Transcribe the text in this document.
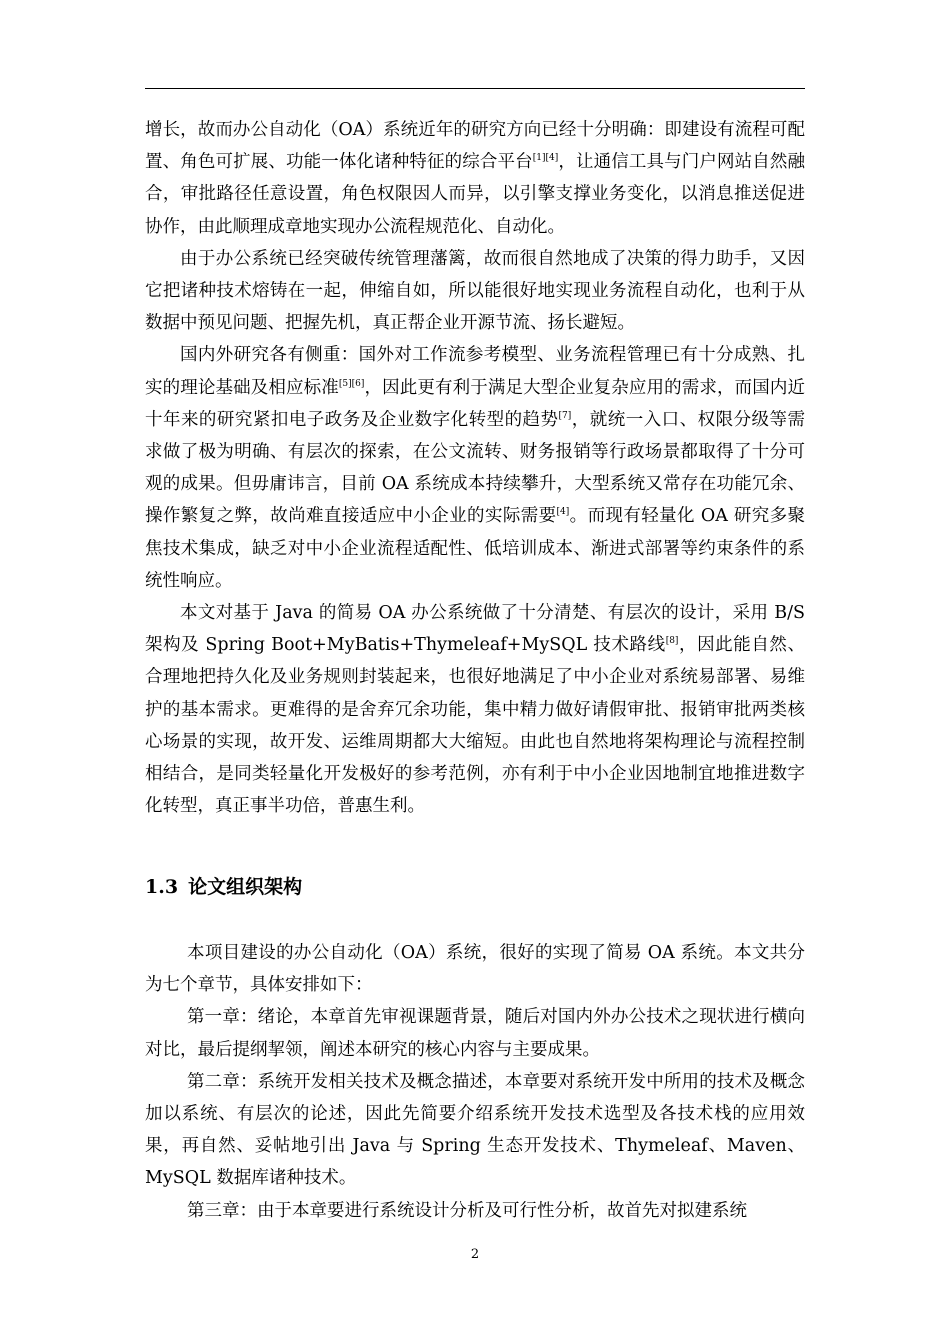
增长，故而办公自动化（OA）系统近年的研究方向已经十分明确：即建设有流程可配置、角色可扩展、功能一体化诸种特征的综合平台[1][4]，让通信工具与门户网站自然融合，审批路径任意设置，角色权限因人而异，以引擎支撑业务变化，以消息推送促进协作，由此顺理成章地实现办公流程规范化、自动化。

由于办公系统已经突破传统管理藩篱，故而很自然地成了决策的得力助手，又因它把诸种技术熔铸在一起，伸缩自如，所以能很好地实现业务流程自动化，也利于从数据中预见问题、把握先机，真正帮企业开源节流、扬长避短。

国内外研究各有侧重：国外对工作流参考模型、业务流程管理已有十分成熟、扎实的理论基础及相应标准[5][6]，因此更有利于满足大型企业复杂应用的需求，而国内近十年来的研究紧扣电子政务及企业数字化转型的趋势[7]，就统一入口、权限分级等需求做了极为明确、有层次的探索，在公文流转、财务报销等行政场景都取得了十分可观的成果。但毋庸讳言，目前 OA 系统成本持续攀升，大型系统又常存在功能冗余、操作繁复之弊，故尚难直接适应中小企业的实际需要[4]。而现有轻量化 OA 研究多聚焦技术集成，缺乏对中小企业流程适配性、低培训成本、渐进式部署等约束条件的系统性响应。

本文对基于 Java 的简易 OA 办公系统做了十分清楚、有层次的设计，采用 B/S 架构及 Spring Boot+MyBatis+Thymeleaf+MySQL 技术路线[8]，因此能自然、合理地把持久化及业务规则封装起来，也很好地满足了中小企业对系统易部署、易维护的基本需求。更难得的是舍弃冗余功能，集中精力做好请假审批、报销审批两类核心场景的实现，故开发、运维周期都大大缩短。由此也自然地将架构理论与流程控制相结合，是同类轻量化开发极好的参考范例，亦有利于中小企业因地制宜地推进数字化转型，真正事半功倍，普惠生利。

1.3 论文组织架构

本项目建设的办公自动化（OA）系统，很好的实现了简易 OA 系统。本文共分为七个章节，具体安排如下：

第一章：绪论，本章首先审视课题背景，随后对国内外办公技术之现状进行横向对比，最后提纲挈领，阐述本研究的核心内容与主要成果。

第二章：系统开发相关技术及概念描述，本章要对系统开发中所用的技术及概念加以系统、有层次的论述，因此先简要介绍系统开发技术选型及各技术栈的应用效果，再自然、妥帖地引出 Java 与 Spring 生态开发技术、Thymeleaf、Maven、MySQL 数据库诸种技术。

第三章：由于本章要进行系统设计分析及可行性分析，故首先对拟建系统

2
